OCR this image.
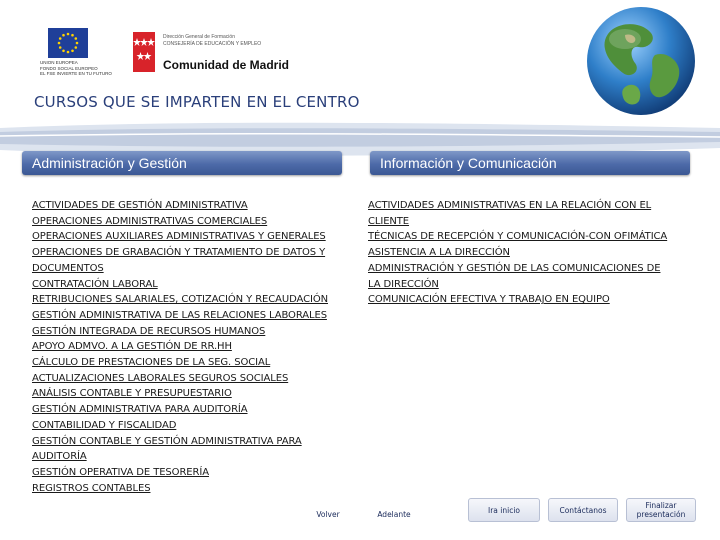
UNION EUROPEA
FONDO SOCIAL EUROPEO
EL FSE INVIERTE EN TU FUTURO
Dirección General de Formación
CONSEJERÍA DE EDUCACIÓN Y EMPLEO
Comunidad de Madrid
CURSOS QUE SE IMPARTEN EN EL CENTRO
Administración y Gestión	Información y Comunicación
ACTIVIDADES DE GESTIÓN ADMINISTRATIVA
OPERACIONES ADMINISTRATIVAS COMERCIALES
OPERACIONES AUXILIARES ADMINISTRATIVAS Y GENERALES
OPERACIONES DE GRABACIÓN Y TRATAMIENTO DE DATOS Y
DOCUMENTOS
CONTRATACIÓN LABORAL
RETRIBUCIONES SALARIALES, COTIZACIÓN Y RECAUDACIÓN
GESTIÓN ADMINISTRATIVA DE LAS RELACIONES LABORALES
GESTIÓN INTEGRADA DE RECURSOS HUMANOS
APOYO ADMVO. A LA GESTIÓN DE RR.HH
CÁLCULO DE PRESTACIONES DE LA SEG. SOCIAL
ACTUALIZACIONES LABORALES SEGUROS SOCIALES
ANÁLISIS CONTABLE Y PRESUPUESTARIO
GESTIÓN ADMINISTRATIVA PARA AUDITORÍA
CONTABILIDAD Y FISCALIDAD
GESTIÓN CONTABLE Y GESTIÓN ADMINISTRATIVA PARA
AUDITORÍA
GESTIÓN OPERATIVA DE TESORERÍA
REGISTROS CONTABLES
ACTIVIDADES ADMINISTRATIVAS EN LA RELACIÓN CON EL
CLIENTE
TÉCNICAS DE RECEPCIÓN Y COMUNICACIÓN-CON OFIMÁTICA
ASISTENCIA A LA DIRECCIÓN
ADMINISTRACIÓN Y GESTIÓN DE LAS COMUNICACIONES DE
LA DIRECCIÓN
COMUNICACIÓN EFECTIVA Y TRABAJO EN EQUIPO
Volver	Adelante	Ira inicio	Contáctanos	Finalizar presentación
